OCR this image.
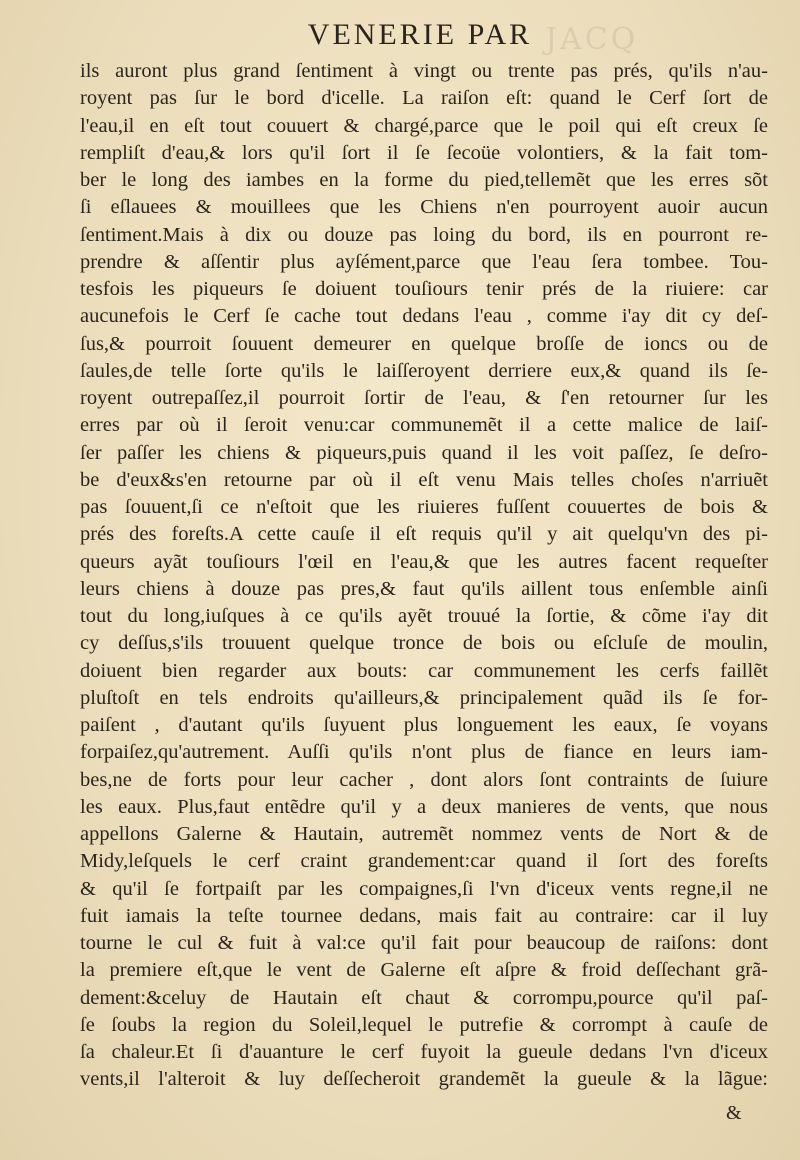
JACQ
VENERIE PAR
ils auront plus grand ſentiment à vingt ou trente pas prés, qu'ils n'au-
royent pas ſur le bord d'icelle. La raiſon eſt: quand le Cerf ſort de
l'eau,il en eſt tout couuert & chargé,parce que le poil qui eſt creux ſe
rempliſt d'eau,& lors qu'il ſort il ſe ſecoüe volontiers, & la fait tom-
ber le long des iambes en la forme du pied,tellemẽt que les erres sõt
ſi eſlauees & mouillees que les Chiens n'en pourroyent auoir aucun
ſentiment.Mais à dix ou douze pas loing du bord, ils en pourront re-
prendre & aſſentir plus ayſément,parce que l'eau ſera tombee. Tou-
tesfois les piqueurs ſe doiuent touſiours tenir prés de la riuiere: car
aucunefois le Cerf ſe cache tout dedans l'eau , comme i'ay dit cy deſ-
ſus,& pourroit ſouuent demeurer en quelque broſſe de ioncs ou de
ſaules,de telle ſorte qu'ils le laiſſeroyent derriere eux,& quand ils ſe-
royent outrepaſſez,il pourroit ſortir de l'eau, & ſ'en retourner ſur les
erres par où il ſeroit venu:car communemẽt il a cette malice de laiſ-
ſer paſſer les chiens & piqueurs,puis quand il les voit paſſez, ſe deſro-
be d'eux&s'en retourne par où il eſt venu Mais telles choſes n'arriuẽt
pas ſouuent,ſi ce n'eſtoit que les riuieres fuſſent couuertes de bois &
prés des foreſts.A cette cauſe il eſt requis qu'il y ait quelqu'vn des pi-
queurs ayãt touſiours l'œil en l'eau,& que les autres facent requeſter
leurs chiens à douze pas pres,& faut qu'ils aillent tous enſemble ainſi
tout du long,iuſques à ce qu'ils ayẽt trouué la ſortie, & cõme i'ay dit
cy deſſus,s'ils trouuent quelque tronce de bois ou eſcluſe de moulin,
doiuent bien regarder aux bouts: car communement les cerfs faillẽt
pluſtoſt en tels endroits qu'ailleurs,& principalement quãd ils ſe for-
paiſent , d'autant qu'ils ſuyuent plus longuement les eaux, ſe voyans
forpaiſez,qu'autrement. Auſſi qu'ils n'ont plus de fiance en leurs iam-
bes,ne de forts pour leur cacher , dont alors ſont contraints de ſuiure
les eaux. Plus,faut entẽdre qu'il y a deux manieres de vents, que nous
appellons Galerne & Hautain, autremẽt nommez vents de Nort & de
Midy,leſquels le cerf craint grandement:car quand il ſort des foreſts
& qu'il ſe fortpaiſt par les compaignes,ſi l'vn d'iceux vents regne,il ne
fuit iamais la teſte tournee dedans, mais fait au contraire: car il luy
tourne le cul & fuit à val:ce qu'il fait pour beaucoup de raiſons: dont
la premiere eſt,que le vent de Galerne eſt aſpre & froid deſſechant grã-
dement:&celuy de Hautain eſt chaut & corrompu,pource qu'il paſ-
ſe ſoubs la region du Soleil,lequel le putrefie & corrompt à cauſe de
ſa chaleur.Et ſi d'auanture le cerf fuyoit la gueule dedans l'vn d'iceux
vents,il l'alteroit & luy deſſecheroit grandemẽt la gueule & la lãgue:
&
